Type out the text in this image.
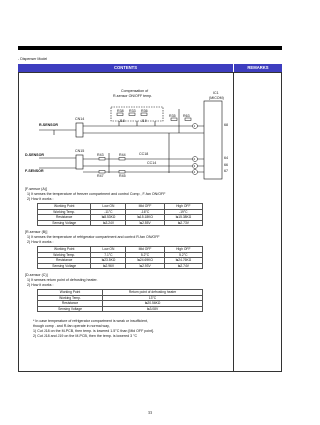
- Dispenser Model
CONTENTS	REMARKS
Compensation of
R-sensor ON/OFF temp.
IC1
(MICOM)
CN14
CN15
R-SENSOR
D-SENSOR
F-SENSOR
R38 R33 R36
R35 R63
R43	R44
R47	R45
CC18
CC14
J18	J19
68
64
66
67
1
2
3
4
[F-sensor (A)]
1) It senses the temperature of freezer compartment and control Comp , F-fan ON/OFF
2) How it works :
Working Point	Low ON	Mid OFF	High OFF
Working Temp.	-11°C	-16°C	-19°C
Resistance	≒8.53KΩ	≒15.18KΩ	≒15.38KΩ
Sensing Voltage	≒3.24V	≒2.55V	≒2.73V
[R-sensor (B)]
1) It senses the temperature of refrigerator compartment and control R-fan ON/OFF
2) How it works :
Working Point	Low ON	Mid OFF	High OFF
Working Temp.	7.1°C	5.2°C	5.2°C
Resistance	≒23.5KΩ	≒24.69KΩ	≒24.76KΩ
Sensing Voltage	≒2.96V	≒2.93V	≒2.74V
[D-sensor (C)]
1) It senses return point of defrosting heater.
2) How it works :
Working Point	Return point of defrosting heater
Working Temp.	13°C
Resistance	≒20.56KΩ
Sensing Voltage	≒3.08V
* In case temperature of refrigerator compartment is weak or insufficient,
though comp . and R-fan operate in normal way,
1) Cut J18 on the M-PCB, then temp. is lowered 1.5°C than [Mid OFF point].
2) Cut J18 and J19 on the M-PCB, then the temp. is lowered 3 °C
33
